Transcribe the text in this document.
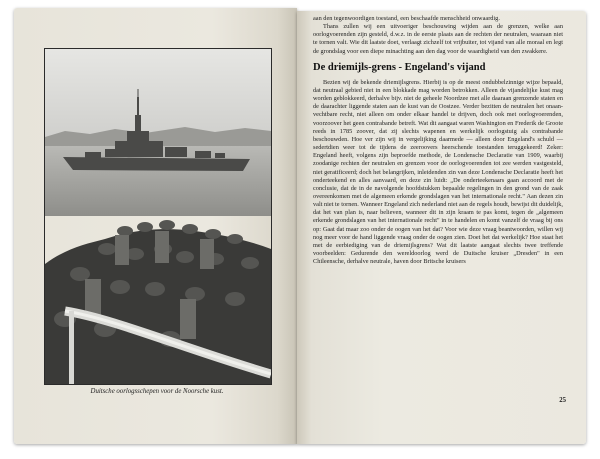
Duitsche oorlogsschepen voor de Noorsche kust.

aan den tegenwoordigen toestand, een beschaafde menschheid onwaardig.

Thans zullen wij een uitvoeriger beschouwing wijden aan de grenzen, welke aan oorlogvoerenden zijn gesteld, d.w.z. in de eerste plaats aan de rechten der neutralen, waaraan niet te tornen valt. Wie dit laatste doet, verlaagt zichzelf tot vrijbuiter, tot vijand van alle moraal en legt de grondslag voor een diepe minachting aan den dag voor de waardigheid van den zwakkere.

De driemijls-grens - Engeland's vijand

Bezien wij de bekende driemijlsgrens. Hierbij is op de meest ondubbelzinnige wijze bepaald, dat neutraal gebied niet in een blokkade mag worden betrokken. Alleen de vijandelijke kust mag worden geblokkeerd, derhalve bijv. niet de geheele Noordzee met alle daaraan grenzende staten en de daarachter liggende staten aan de kust van de Oostzee. Verder bezitten de neutralen het onaan-vechtbare recht, niet alleen om onder elkaar handel te drijven, doch ook met oorlogvoerenden, voorzoover het geen contrabande betreft. Wat dit aangaat waren Washington en Frederik de Groote reeds in 1785 zoover, dat zij slechts wapenen en werkelijk oorlogstuig als contrabande beschouwden. Hoe ver zijn wij in vergelijking daarmede — alleen door Engeland's schuld — sedertdien weer tot de tijdens de zeeroovers heerschende toestanden teruggekeerd! Zeker: Engeland heeft, volgens zijn beproefde methode, de Londensche Declaratie van 1909, waarbij zoodanige rechten der neutralen en grenzen voor de oorlogvoerenden tot zee werden vastgesteld, niet geratificeerd; doch het belangrijken, inleidenden zin van deze Londensche Declaratie heeft het onderteekend en alles aanvaard, en deze zin luidt: „De onderteekenaars gaan accoord met de conclusie, dat de in de navolgende hoofdstukken bepaalde regelingen in den grond van de zaak overeenkomen met de algemeen erkende grondslagen van het internationale recht." Aan dezen zin valt niet te tornen. Wanneer Engeland zich nederland niet aan de regels houdt, bewijst dit duidelijk, dat het van plan is, naar believen, wanneer dit in zijn kraam te pas komt, tegen de „algemeen erkende grondslagen van het internationale recht" in te handelen en komt vanzelf de vraag bij ons op: Gaat dat maar zoo onder de oogen van het dat? Voor wie deze vraag beantwoorden, willen wij nog meer voor de hand liggende vraag onder de oogen zien. Doet het dat werkelijk? Hoe staat het met de eerbiediging van de driemijlsgrens? Wat dit laatste aangaat slechts twee treffende voorbeelden: Gedurende den wereldoorlog werd de Duitsche kruiser „Dresden" in een Chileensche, derhalve neutrale, haven door Britsche kruisers

25
